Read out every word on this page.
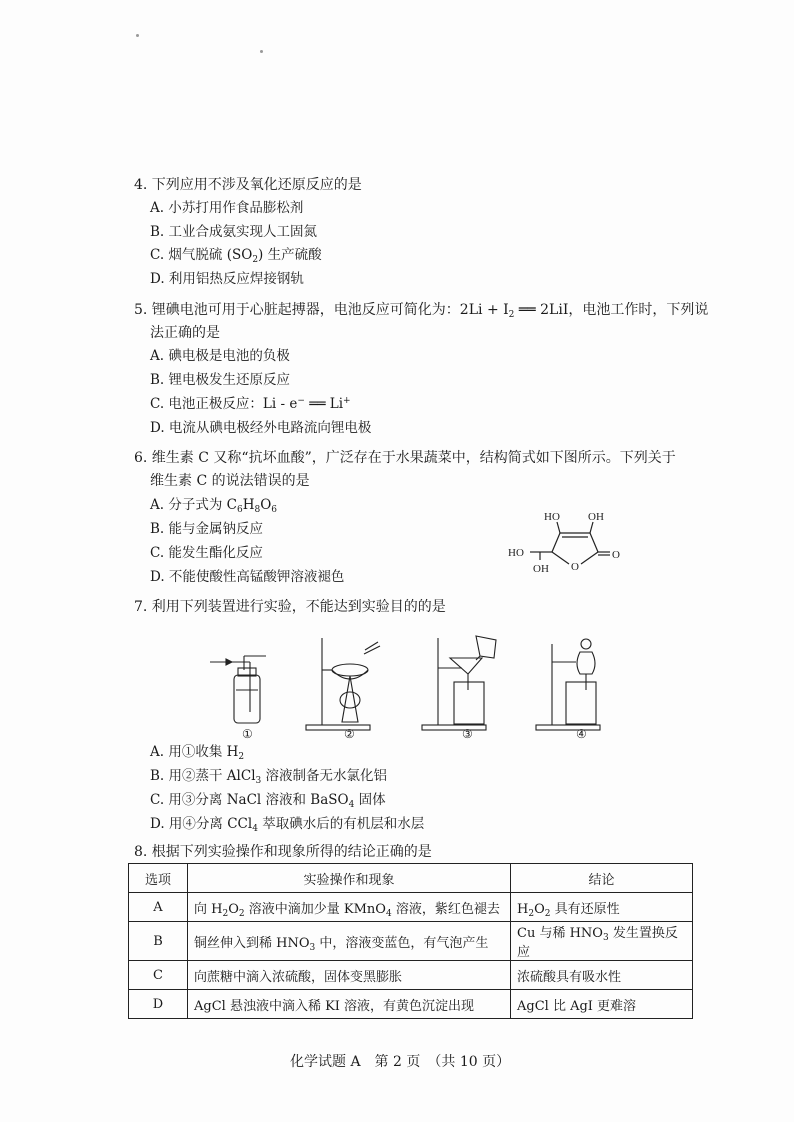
4. 下列应用不涉及氧化还原反应的是
A. 小苏打用作食品膨松剂
B. 工业合成氨实现人工固氮
C. 烟气脱硫 $(SO_2)$ 生产硫酸
D. 利用铝热反应焊接钢轨
5. 锂碘电池可用于心脏起搏器，电池反应可简化为：$2Li + I_2$ ══ 2LiI，电池工作时，下列说
法正确的是
A. 碘电极是电池的负极
B. 锂电极发生还原反应
C. 电池正极反应：Li - e− ══ Li+
D. 电流从碘电极经外电路流向锂电极
6. 维生素 C 又称“抗坏血酸”，广泛存在于水果蔬菜中，结构简式如下图所示。下列关于
维生素 C 的说法错误的是
A. 分子式为 $C_6H_8O_6$
B. 能与金属钠反应
C. 能发生酯化反应
D. 不能使酸性高锰酸钾溶液褪色
HO	OH
HO
OH
O
O
7. 利用下列装置进行实验，不能达到实验目的的是
①	②	③	④
A. 用①收集 $H_2$
B. 用②蒸干 AlCl$_3$ 溶液制备无水氯化铝
C. 用③分离 NaCl 溶液和 BaSO$_4$ 固体
D. 用④分离 CCl$_4$ 萃取碘水后的有机层和水层
8. 根据下列实验操作和现象所得的结论正确的是
选项	实验操作和现象	结论
A	向 $H_2O_2$ 溶液中滴加少量 KMnO$_4$ 溶液，紫红色褪去	$H_2O_2$ 具有还原性
B	铜丝伸入到稀 $HNO_3$ 中，溶液变蓝色，有气泡产生	Cu 与稀 $HNO_3$ 发生置换反应
C	向蔗糖中滴入浓硫酸，固体变黑膨胀	浓硫酸具有吸水性
D	AgCl 悬浊液中滴入稀 KI 溶液，有黄色沉淀出现	AgCl 比 AgI 更难溶
化学试题 A　第 2 页　（共 10 页）
